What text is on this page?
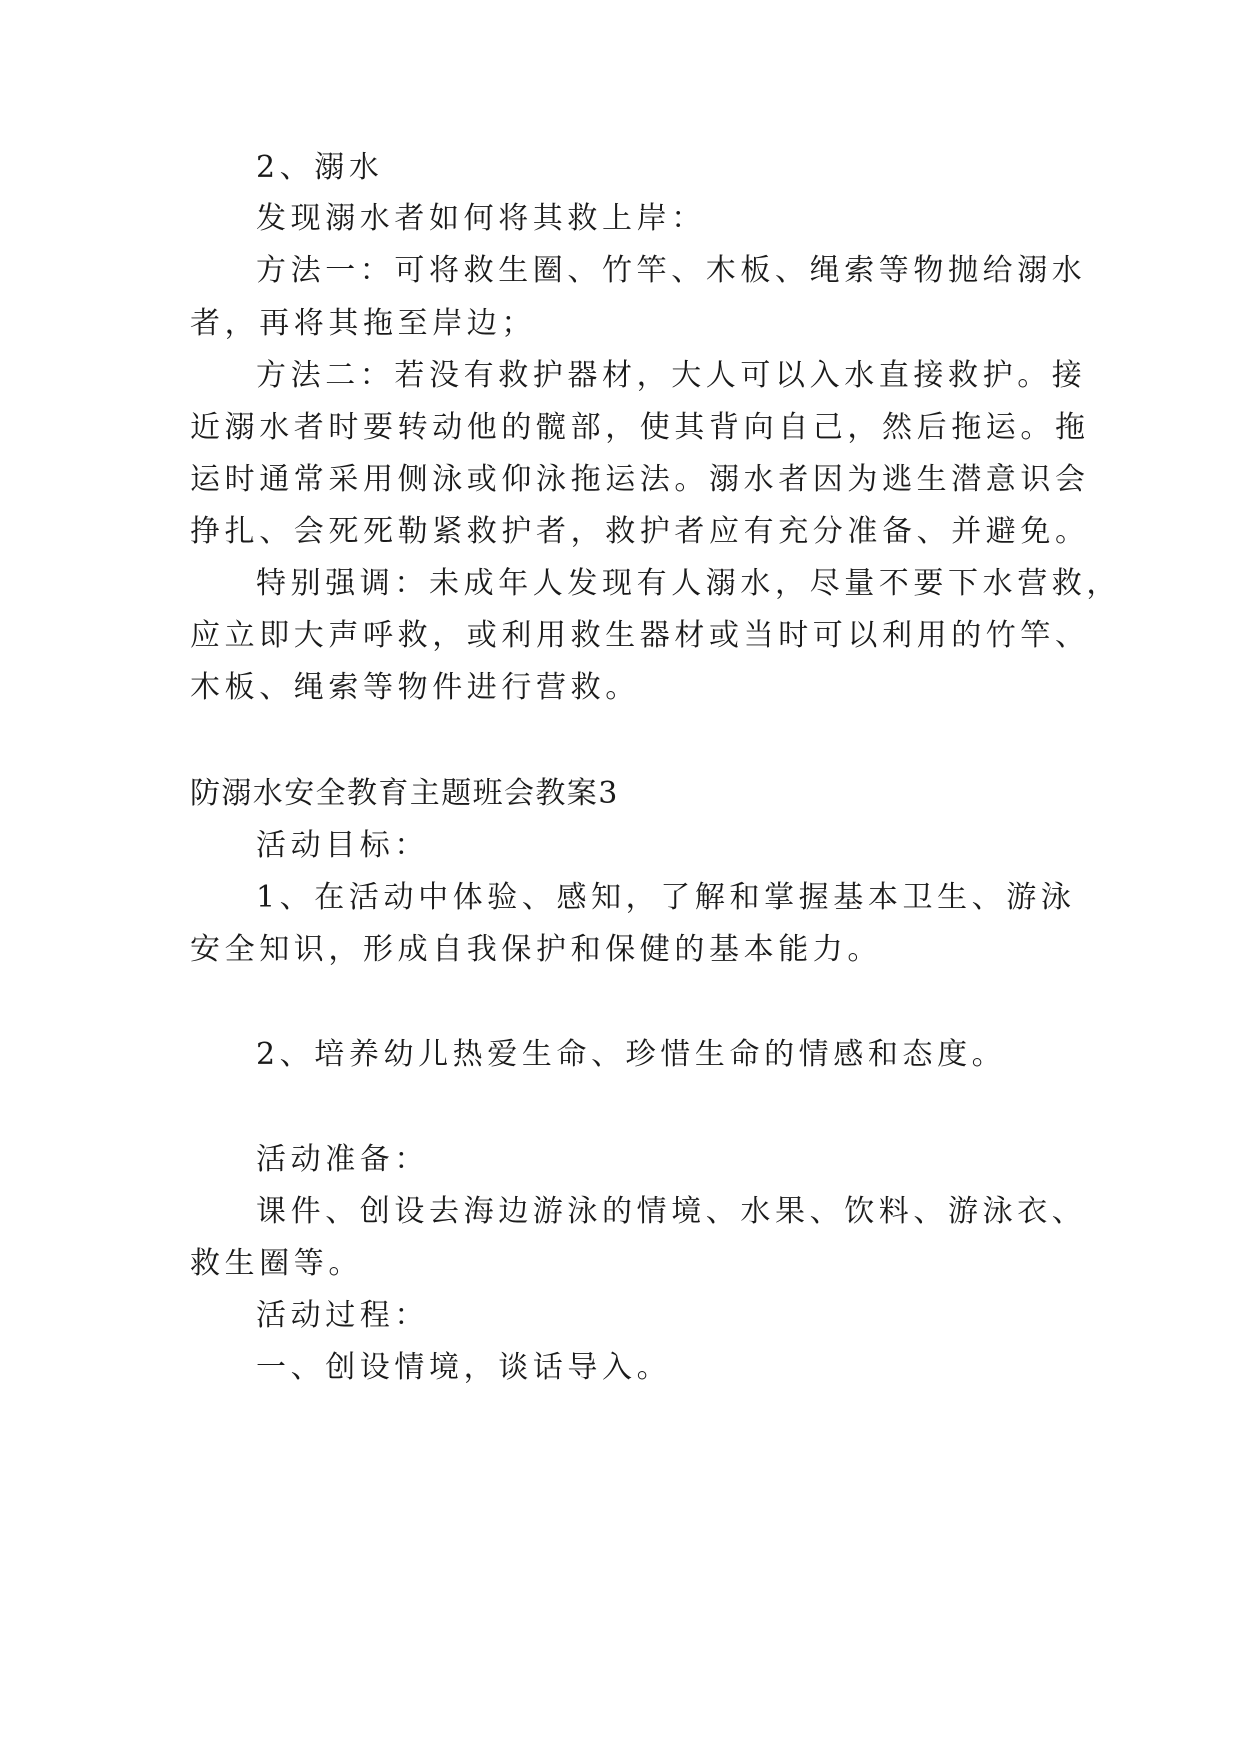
2、溺水
发现溺水者如何将其救上岸：
方法一：可将救生圈、竹竿、木板、绳索等物抛给溺水
者，再将其拖至岸边；
方法二：若没有救护器材，大人可以入水直接救护。接
近溺水者时要转动他的髋部，使其背向自己，然后拖运。拖
运时通常采用侧泳或仰泳拖运法。溺水者因为逃生潜意识会
挣扎、会死死勒紧救护者，救护者应有充分准备、并避免。
特别强调：未成年人发现有人溺水，尽量不要下水营救，
应立即大声呼救，或利用救生器材或当时可以利用的竹竿、
木板、绳索等物件进行营救。
防溺水安全教育主题班会教案3
活动目标：
1、在活动中体验、感知，了解和掌握基本卫生、游泳
安全知识，形成自我保护和保健的基本能力。
2、培养幼儿热爱生命、珍惜生命的情感和态度。
活动准备：
课件、创设去海边游泳的情境、水果、饮料、游泳衣、
救生圈等。
活动过程：
一、创设情境，谈话导入。
